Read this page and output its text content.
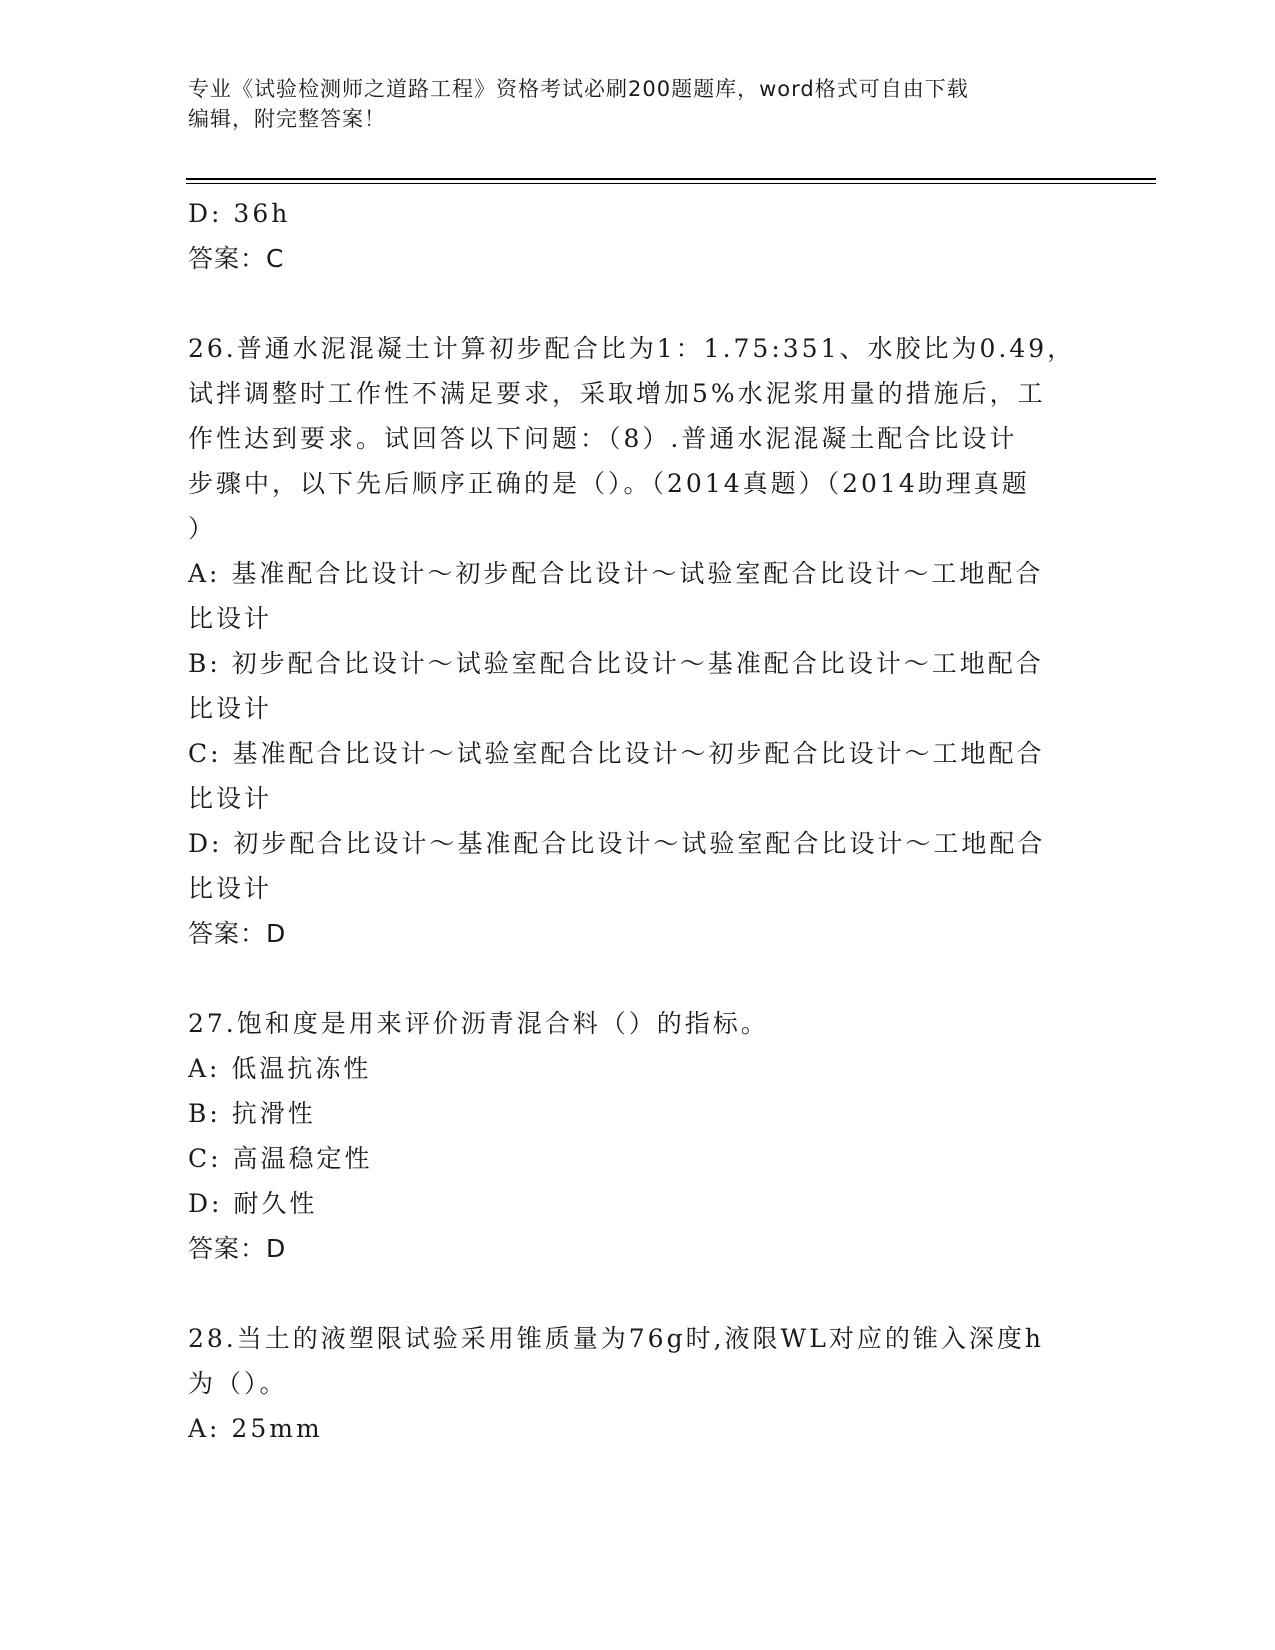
专业《试验检测师之道路工程》资格考试必刷200题题库，word格式可自由下载
编辑，附完整答案！
D: 36h
答案：C
26.普通水泥混凝土计算初步配合比为1：1.75:351、水胶比为0.49，
试拌调整时工作性不满足要求，采取增加5%水泥浆用量的措施后，工
作性达到要求。试回答以下问题：（8）.普通水泥混凝土配合比设计
步骤中，以下先后顺序正确的是（）。（2014真题）（2014助理真题
）
A: 基准配合比设计～初步配合比设计～试验室配合比设计～工地配合
比设计
B: 初步配合比设计～试验室配合比设计～基准配合比设计～工地配合
比设计
C: 基准配合比设计～试验室配合比设计～初步配合比设计～工地配合
比设计
D: 初步配合比设计～基准配合比设计～试验室配合比设计～工地配合
比设计
答案：D
27.饱和度是用来评价沥青混合料（）的指标。
A: 低温抗冻性
B: 抗滑性
C: 高温稳定性
D: 耐久性
答案：D
28.当土的液塑限试验采用锥质量为76g时,液限WL对应的锥入深度h
为（）。
A: 25mm
